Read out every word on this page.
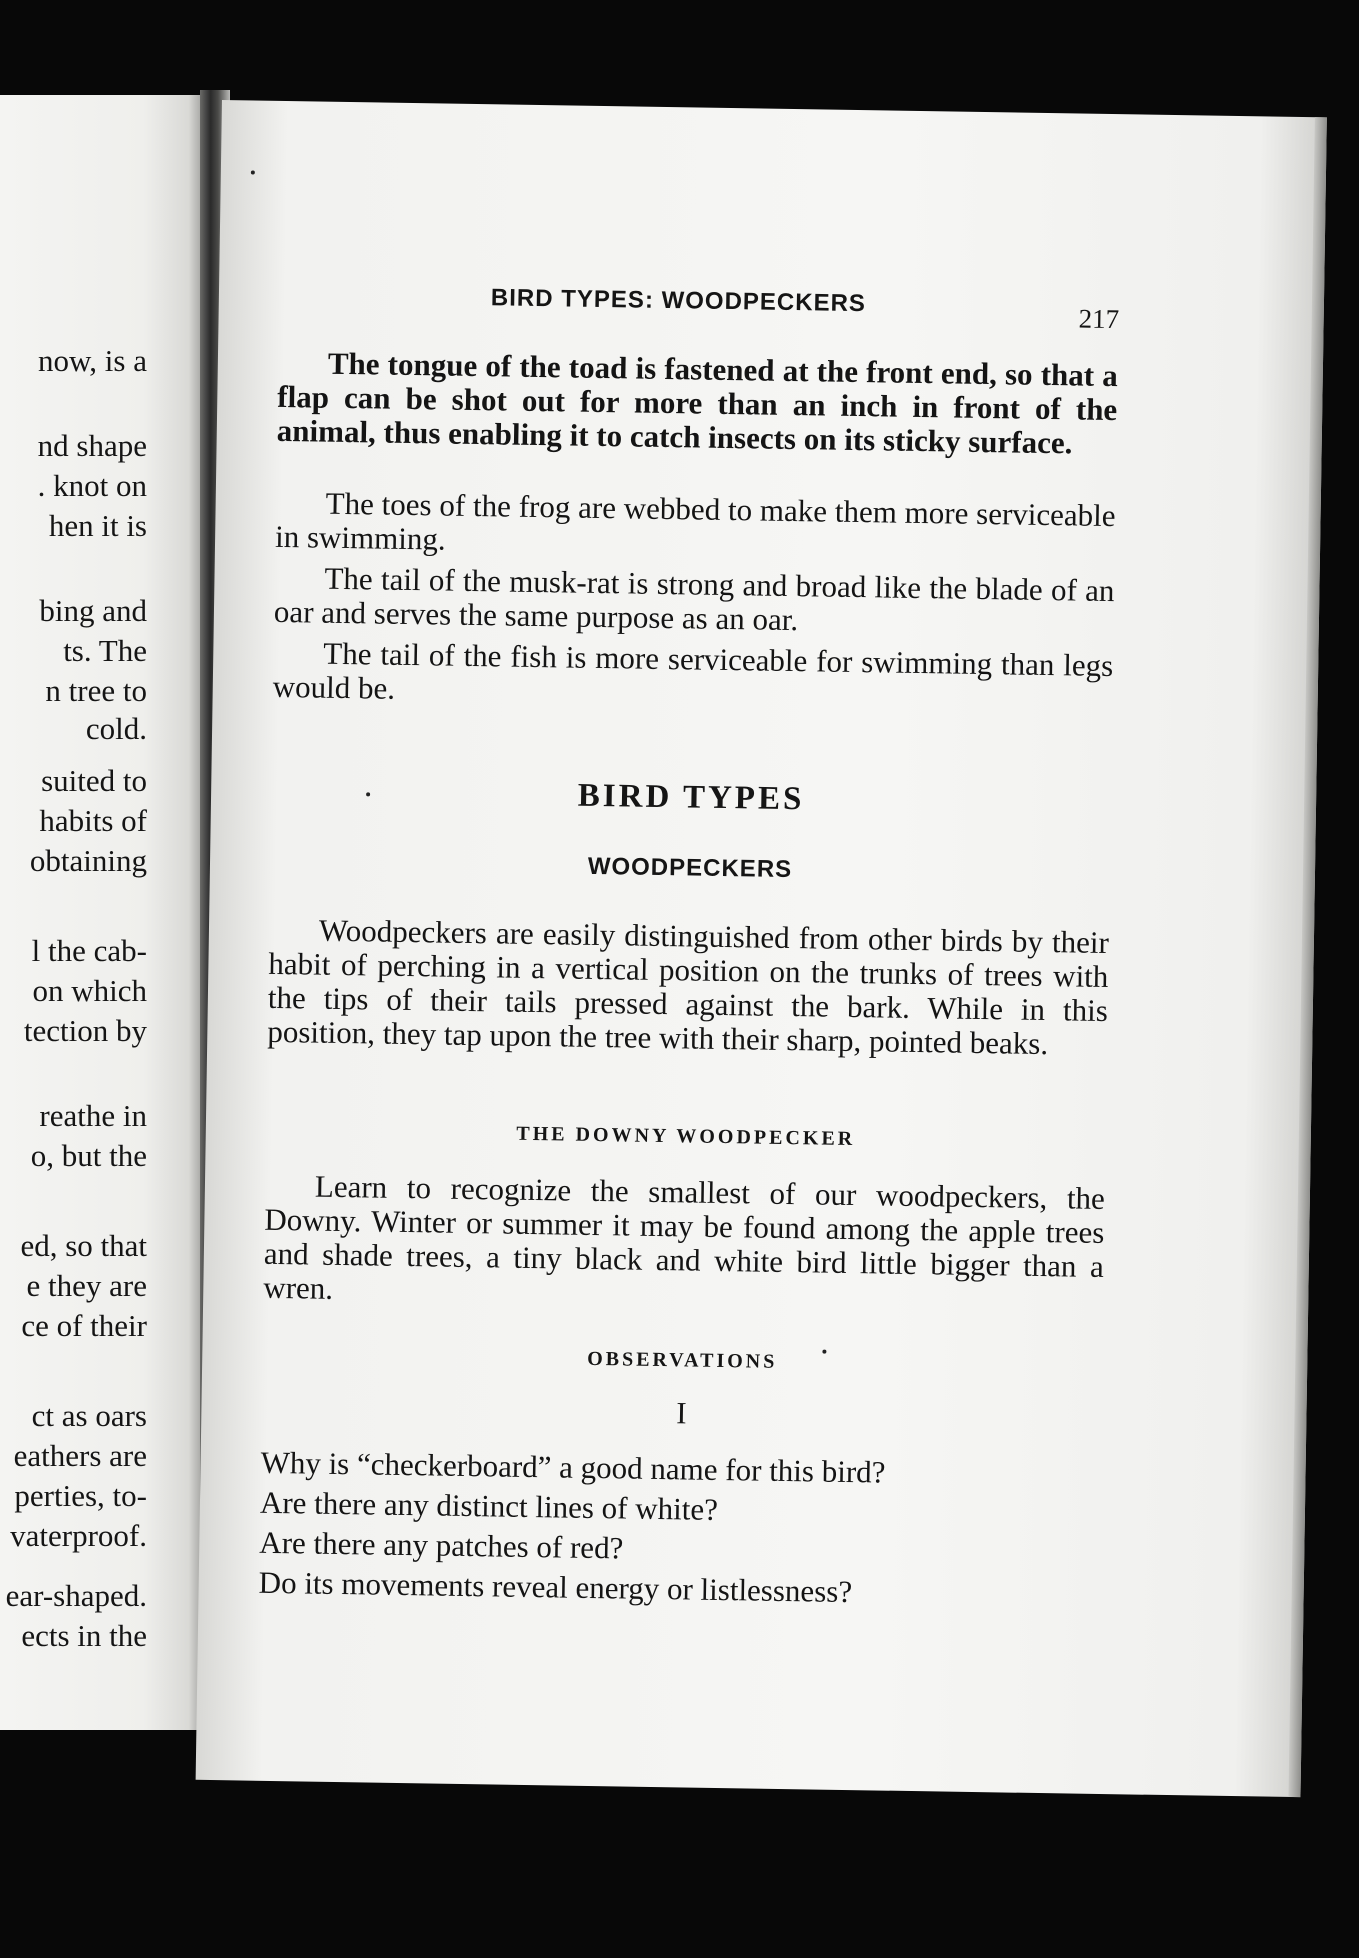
now, is a
nd shape
. knot on
hen it is
bing and
ts. The
n tree to
cold.
suited to
habits of
obtaining
l the cab-
on which
tection by
reathe in
o, but the
ed, so that
e they are
ce of their
ct as oars
eathers are
perties, to-
vaterproof.
ear-shaped.
ects in the
BIRD TYPES: WOODPECKERS
217

The tongue of the toad is fastened at the front end, so that a flap can be shot out for more than an inch in front of the animal, thus enabling it to catch insects on its sticky surface.

The toes of the frog are webbed to make them more serviceable in swimming.

The tail of the musk-rat is strong and broad like the blade of an oar and serves the same purpose as an oar.

The tail of the fish is more serviceable for swimming than legs would be.

BIRD TYPES
WOODPECKERS

Woodpeckers are easily distinguished from other birds by their habit of perching in a vertical position on the trunks of trees with the tips of their tails pressed against the bark. While in this position, they tap upon the tree with their sharp, pointed beaks.

THE DOWNY WOODPECKER

Learn to recognize the smallest of our woodpeckers, the Downy. Winter or summer it may be found among the apple trees and shade trees, a tiny black and white bird little bigger than a wren.

OBSERVATIONS
I

Why is “checkerboard” a good name for this bird?

Are there any distinct lines of white?

Are there any patches of red?

Do its movements reveal energy or listlessness?
